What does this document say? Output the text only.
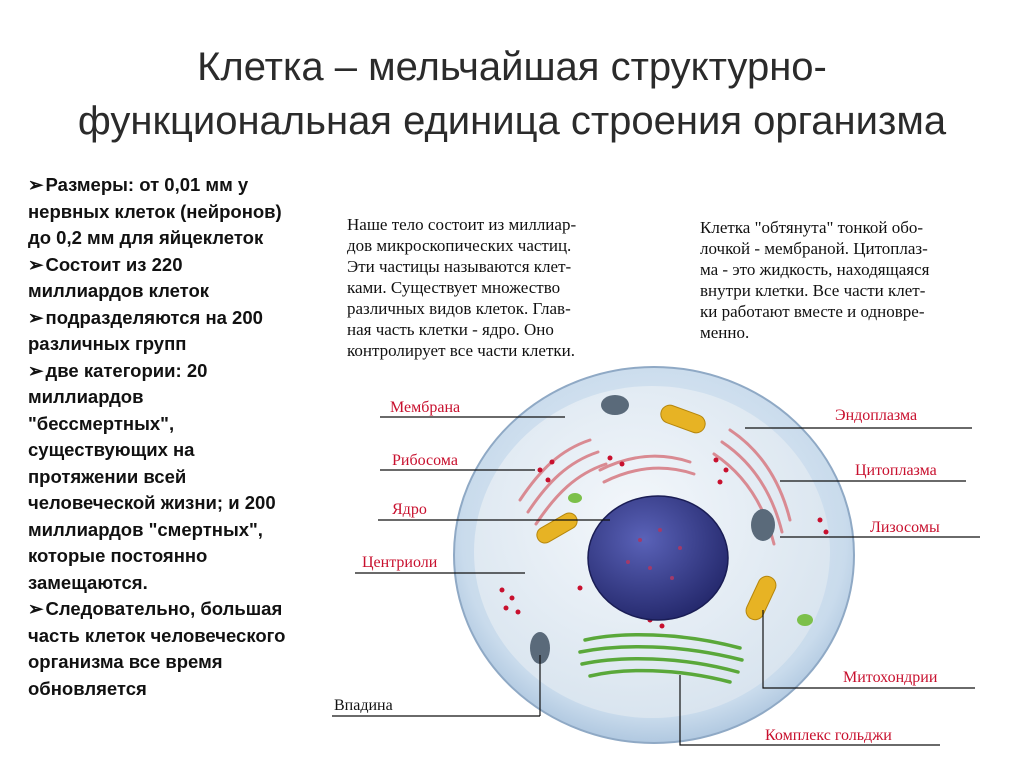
Клетка – мельчайшая структурно-
функциональная единица строения организма
➢ Размеры: от 0,01 мм у
нервных клеток (нейронов)
до 0,2 мм для яйцеклеток
➢ Состоит из 220
миллиардов клеток
➢ подразделяются на 200
различных групп
➢ две категории: 20
миллиардов
"бессмертных",
существующих на
протяжении всей
человеческой жизни; и 200
миллиардов "смертных",
которые постоянно
замещаются.
➢ Следовательно, большая
часть клеток человеческого
организма все время
обновляется
Наше тело состоит из миллиар-
дов микроскопических частиц.
Эти частицы называются клет-
ками. Существует множество
различных видов клеток. Глав-
ная часть клетки - ядро. Оно
контролирует все части клетки.
Клетка "обтянута" тонкой обо-
лочкой - мембраной. Цитоплаз-
ма - это жидкость, находящаяся
внутри клетки. Все части клет-
ки работают вместе и одновре-
менно.
Мембрана
Рибосома
Ядро
Центриоли
Впадина
Эндоплазма
Цитоплазма
Лизосомы
Митохондрии
Комплекс гольджи
